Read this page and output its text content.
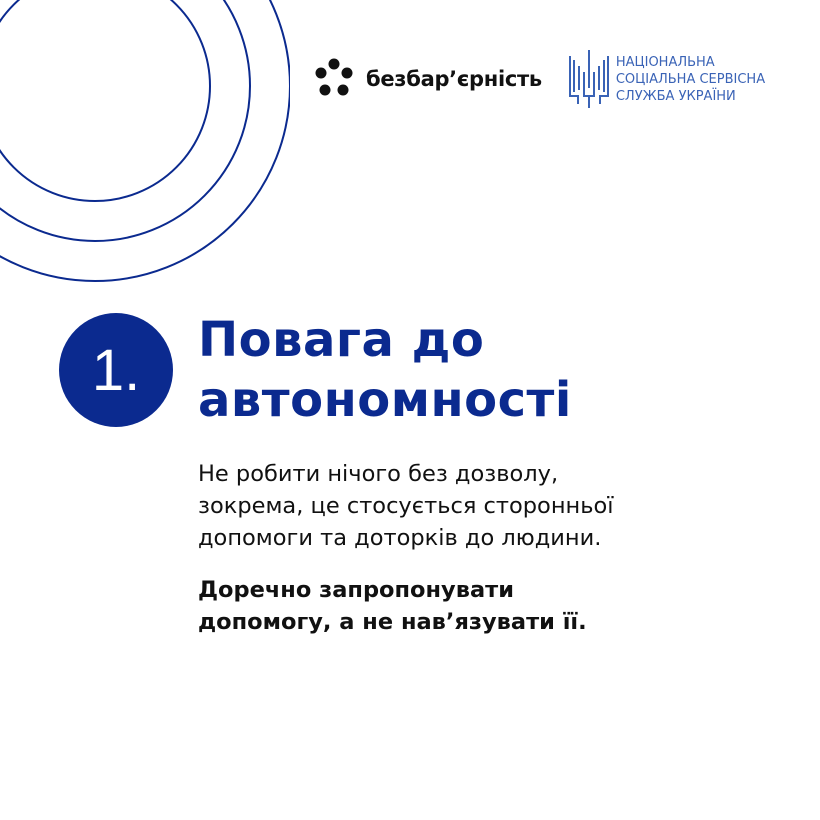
безбар’єрність
НАЦІОНАЛЬНА
СОЦІАЛЬНА СЕРВІСНА
СЛУЖБА УКРАЇНИ
1.	Повага до
автономності
Не робити нічого без дозволу,
зокрема, це стосується сторонньої
допомоги та доторків до людини.
Доречно запропонувати
допомогу, а не нав’язувати її.
